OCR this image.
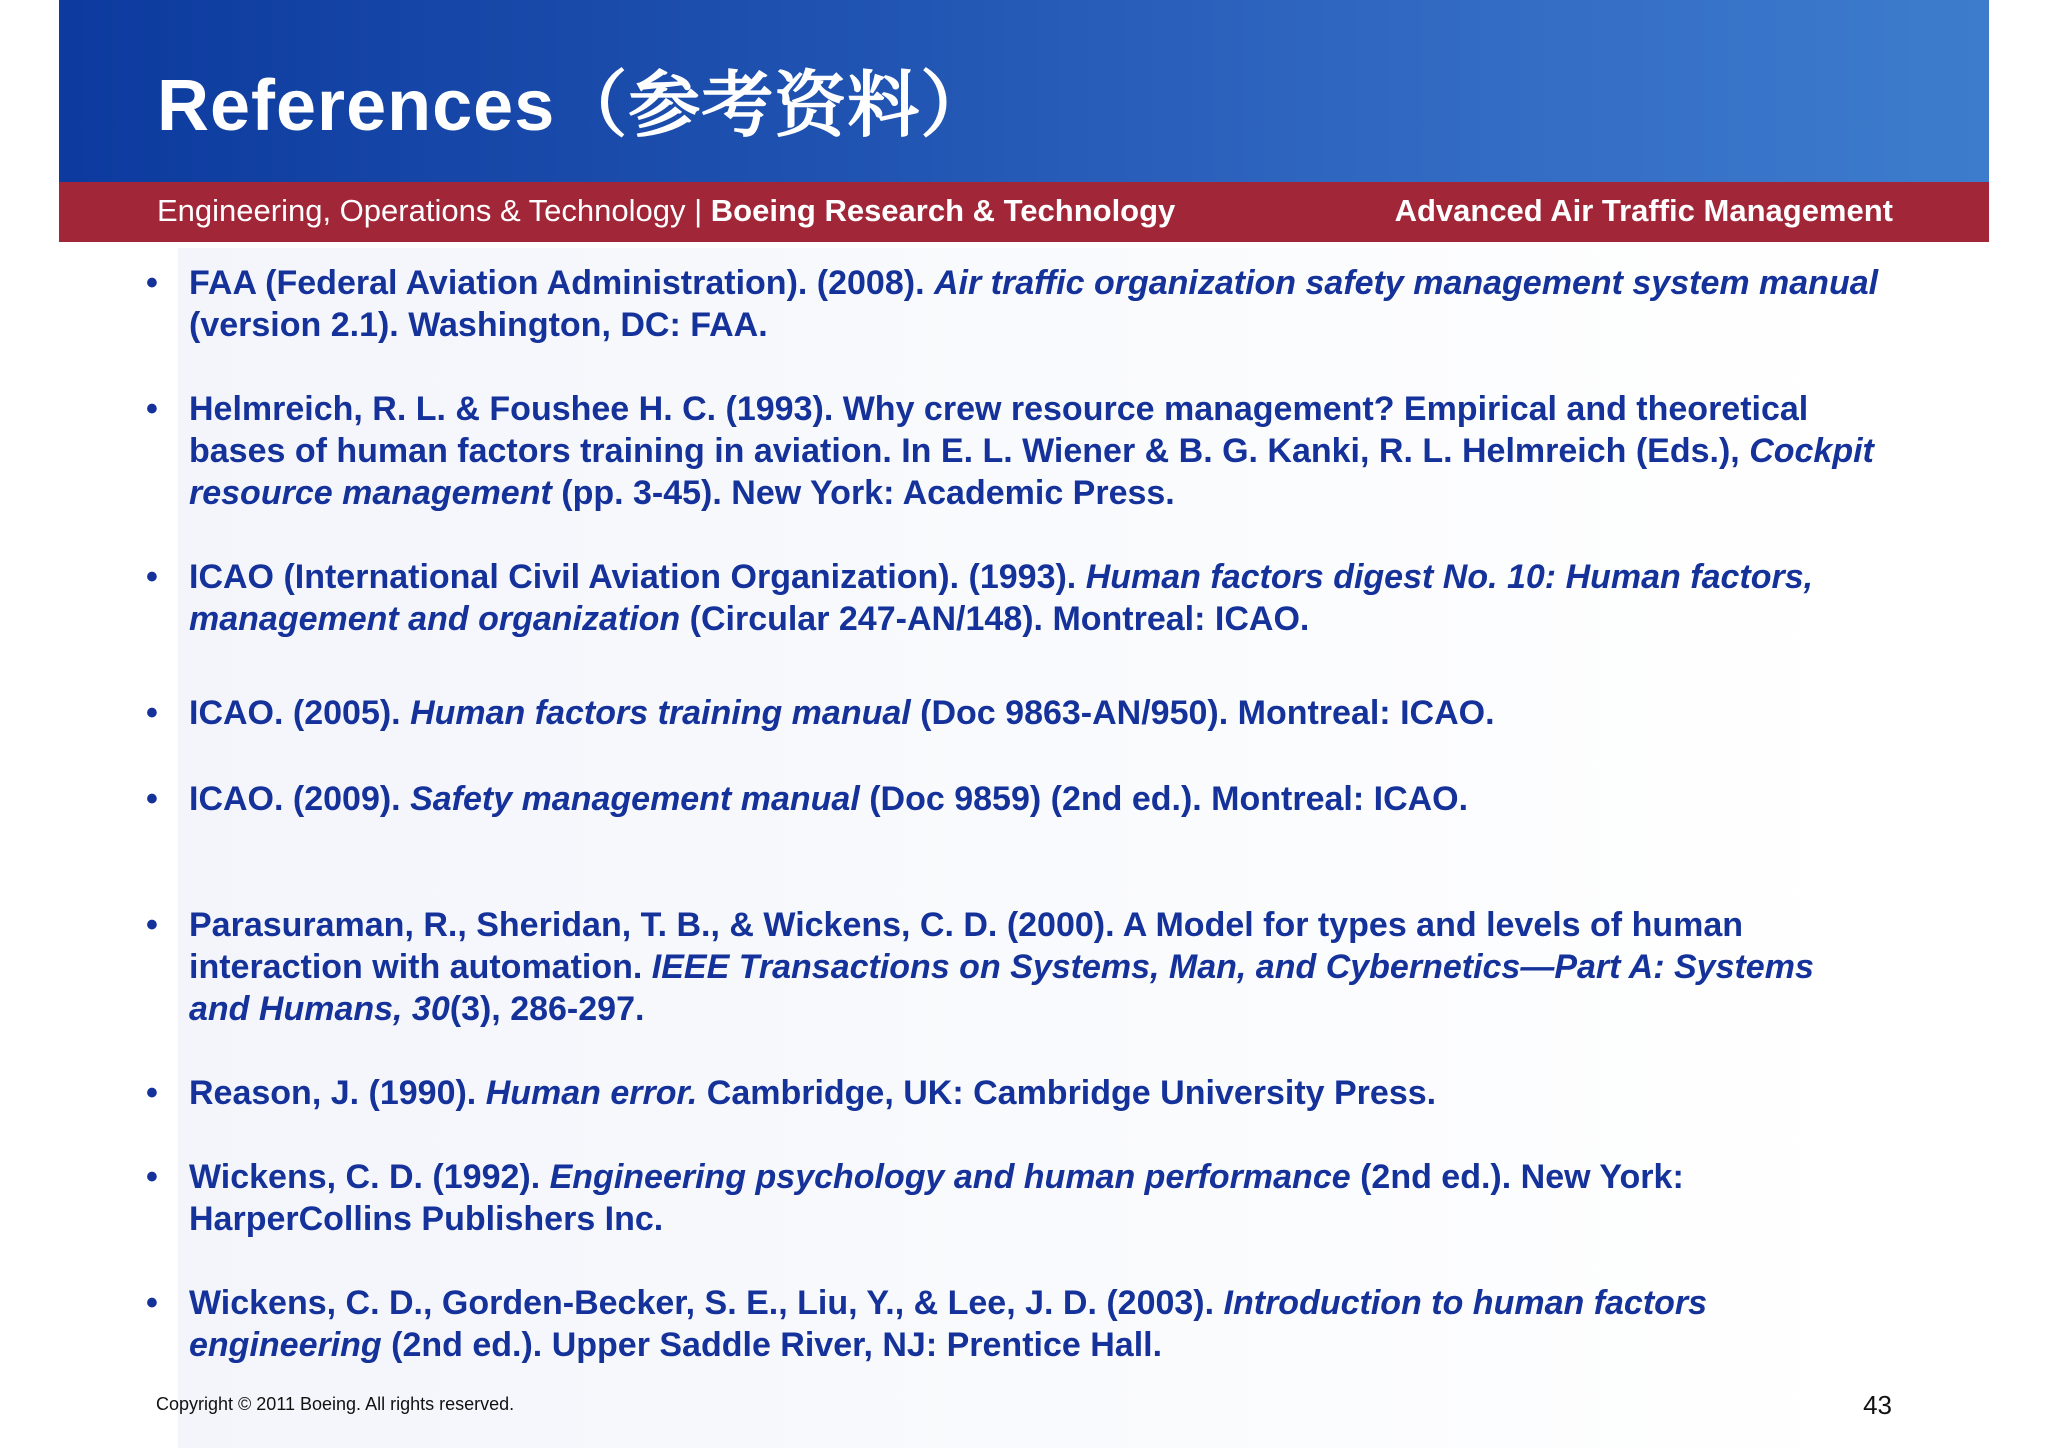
References（参考资料）
Engineering, Operations & Technology | Boeing Research & Technology	Advanced Air Traffic Management
• FAA (Federal Aviation Administration). (2008). Air traffic organization safety management system manual (version 2.1). Washington, DC: FAA.
• Helmreich, R. L. & Foushee H. C. (1993). Why crew resource management? Empirical and theoretical bases of human factors training in aviation. In E. L. Wiener & B. G. Kanki, R. L. Helmreich (Eds.), Cockpit resource management (pp. 3-45). New York: Academic Press.
• ICAO (International Civil Aviation Organization). (1993). Human factors digest No. 10: Human factors, management and organization (Circular 247-AN/148). Montreal: ICAO.
• ICAO. (2005). Human factors training manual (Doc 9863-AN/950). Montreal: ICAO.
• ICAO. (2009). Safety management manual (Doc 9859) (2nd ed.). Montreal: ICAO.
• Parasuraman, R., Sheridan, T. B., & Wickens, C. D. (2000). A Model for types and levels of human interaction with automation. IEEE Transactions on Systems, Man, and Cybernetics—Part A: Systems and Humans, 30(3), 286-297.
• Reason, J. (1990). Human error. Cambridge, UK: Cambridge University Press.
• Wickens, C. D. (1992). Engineering psychology and human performance (2nd ed.). New York: HarperCollins Publishers Inc.
• Wickens, C. D., Gorden-Becker, S. E., Liu, Y., & Lee, J. D. (2003). Introduction to human factors engineering (2nd ed.). Upper Saddle River, NJ: Prentice Hall.
Copyright © 2011 Boeing. All rights reserved.	43
